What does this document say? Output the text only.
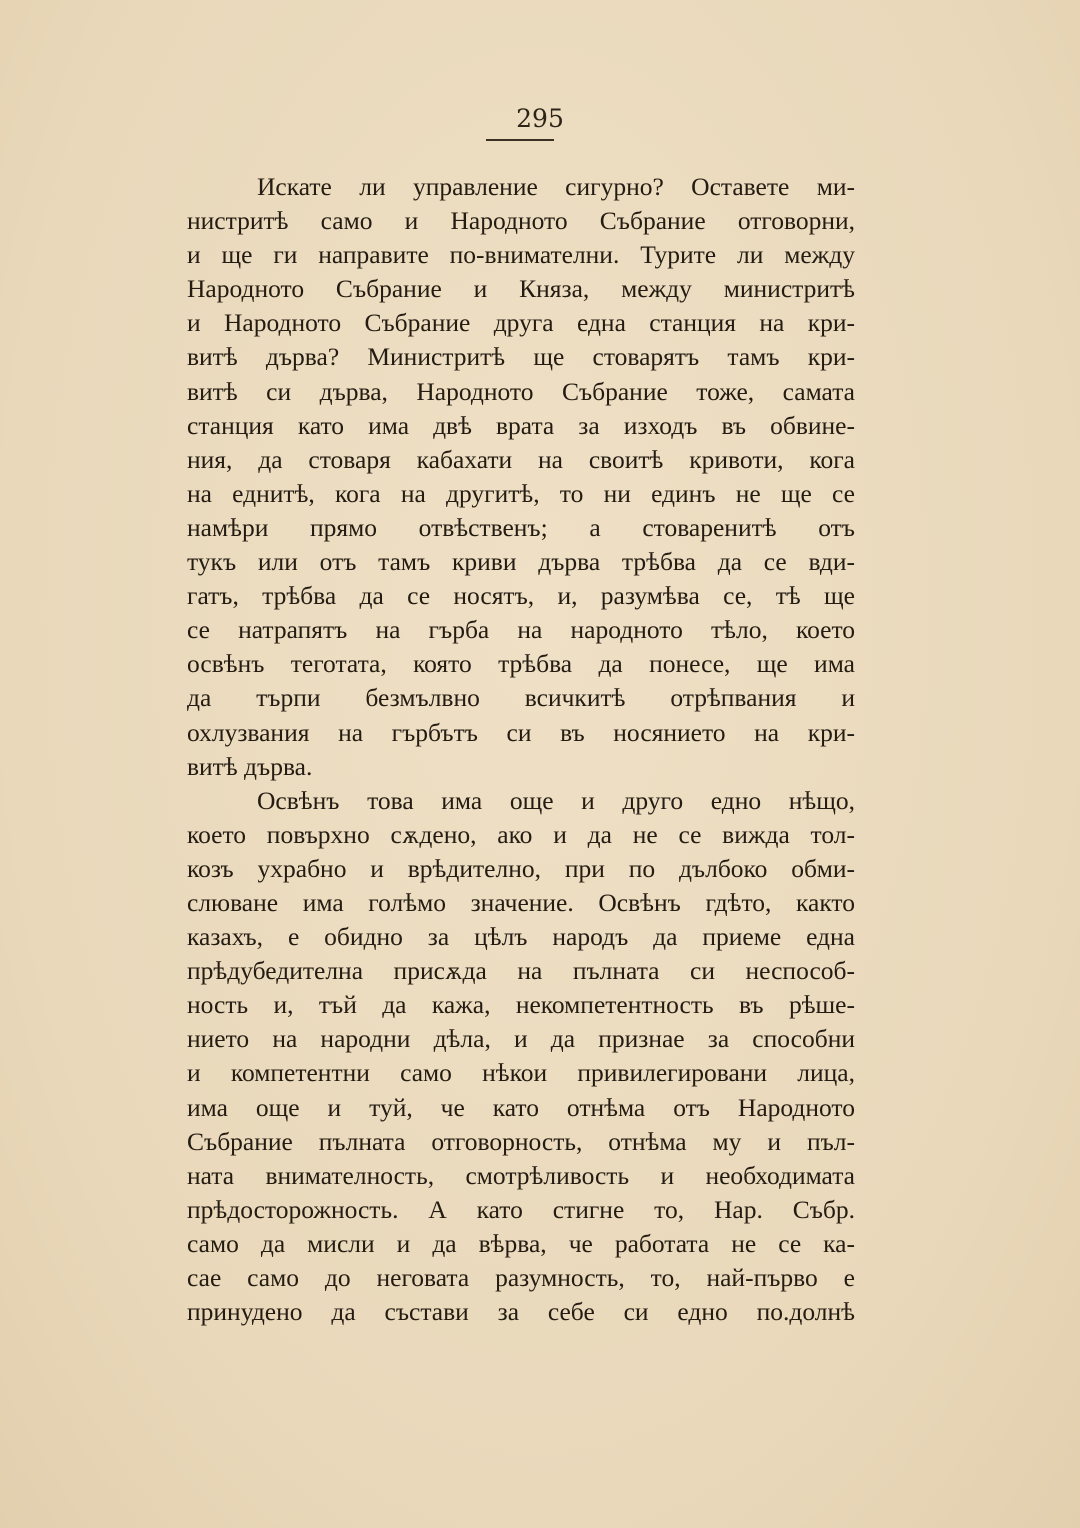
295
Искате ли управление сигурно? Оставете ми-
нистритѣ само и Народното Събрание отговорни,
и ще ги направите по-внимателни. Турите ли между
Народното Събрание и Княза, между министритѣ
и Народното Събрание друга една станция на кри-
витѣ дърва? Министритѣ ще стоварятъ тамъ кри-
витѣ си дърва, Народното Събрание тоже, самата
станция като има двѣ врата за изходъ въ обвине-
ния, да стоваря кабахати на своитѣ кривоти, кога
на еднитѣ, кога на другитѣ, то ни единъ не ще се
намѣри прямо отвѣственъ; а стоваренитѣ отъ
тукъ или отъ тамъ криви дърва трѣбва да се вди-
гатъ, трѣбва да се носятъ, и, разумѣва се, тѣ ще
се натрапятъ на гърба на народното тѣло, което
освѣнъ теготата, която трѣбва да понесе, ще има
да търпи безмълвно всичкитѣ отрѣпвания и
охлузвания на гърбътъ си въ носянието на кри-
витѣ дърва.
Освѣнъ това има още и друго едно нѣщо,
което повърхно сѫдено, ако и да не се вижда тол-
козъ ухрабно и врѣдително, при по дълбоко обми-
слюване има голѣмо значение. Освѣнъ гдѣто, както
казахъ, е обидно за цѣлъ народъ да приеме една
прѣдубедителна присѫда на пълната си неспособ-
ность и, тъй да кажа, некомпетентность въ рѣше-
нието на народни дѣла, и да признае за способни
и компетентни само нѣкои привилегировани лица,
има още и туй, че като отнѣма отъ Народното
Събрание пълната отговорность, отнѣма му и пъл-
ната внимателность, смотрѣливость и необходимата
прѣдосторожность. А като стигне то, Нар. Събр.
само да мисли и да вѣрва, че работата не се ка-
сае само до неговата разумность, то, най-първо е
принудено да състави за себе си едно по.долнѣ
